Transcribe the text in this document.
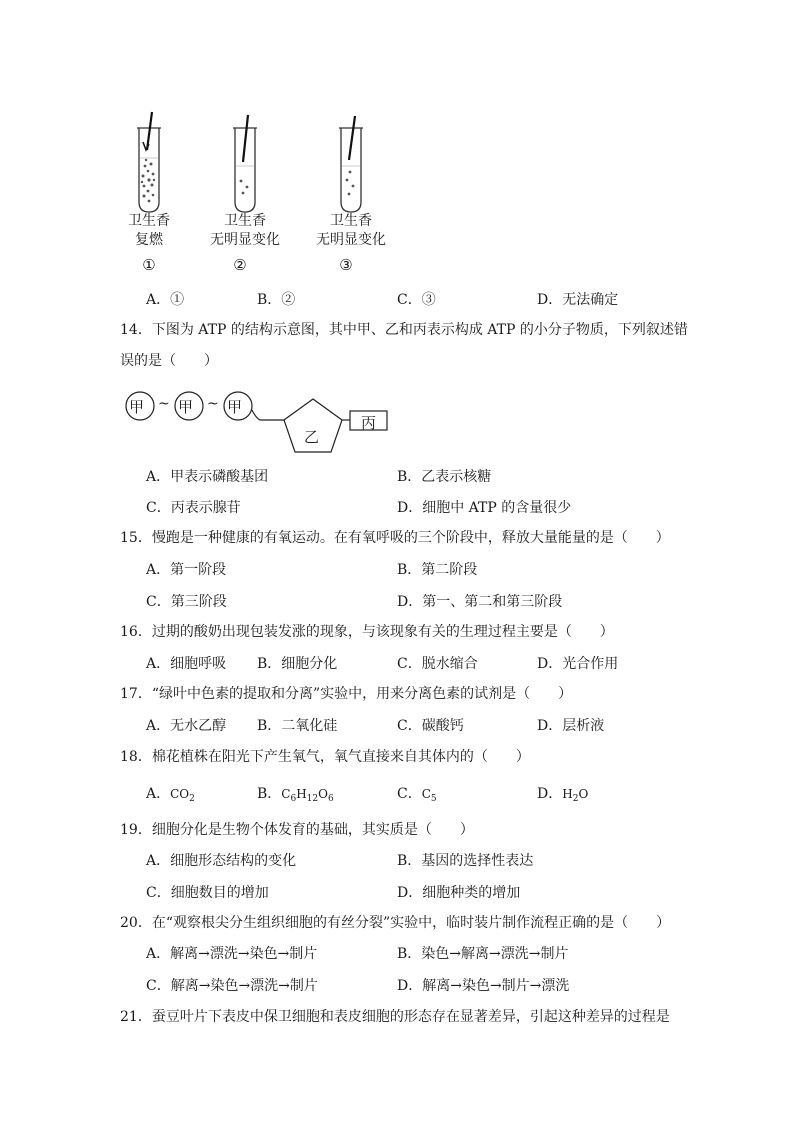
卫生香
复燃
卫生香
无明显变化
卫生香
无明显变化
①	②	③
A．①	B．②	C．③	D．无法确定
14．下图为 ATP 的结构示意图，其中甲、乙和丙表示构成 ATP 的小分子物质，下列叙述错
误的是（　　）
甲 ~ 甲 ~ 甲
乙
丙
A．甲表示磷酸基团	B．乙表示核糖
C．丙表示腺苷	D．细胞中 ATP 的含量很少
15．慢跑是一种健康的有氧运动。在有氧呼吸的三个阶段中，释放大量能量的是（　　）
A．第一阶段	B．第二阶段
C．第三阶段	D．第一、第二和第三阶段
16．过期的酸奶出现包装发涨的现象，与该现象有关的生理过程主要是（　　）
A．细胞呼吸 B．细胞分化	C．脱水缩合	D．光合作用
17．“绿叶中色素的提取和分离”实验中，用来分离色素的试剂是（　　）
A．无水乙醇 B．二氧化硅	C．碳酸钙	D．层析液
18．棉花植株在阳光下产生氧气，氧气直接来自其体内的（　　）
A．$CO_2$	B．$C_6H_{12}O_6$	C．$C_5$	D．$H_2O$
19．细胞分化是生物个体发育的基础，其实质是（　　）
A．细胞形态结构的变化	B．基因的选择性表达
C．细胞数目的增加	D．细胞种类的增加
20．在“观察根尖分生组织细胞的有丝分裂”实验中，临时装片制作流程正确的是（　　）
A．解离→漂洗→染色→制片	B．染色→解离→漂洗→制片
C．解离→染色→漂洗→制片	D．解离→染色→制片→漂洗
21．蚕豆叶片下表皮中保卫细胞和表皮细胞的形态存在显著差异，引起这种差异的过程是
